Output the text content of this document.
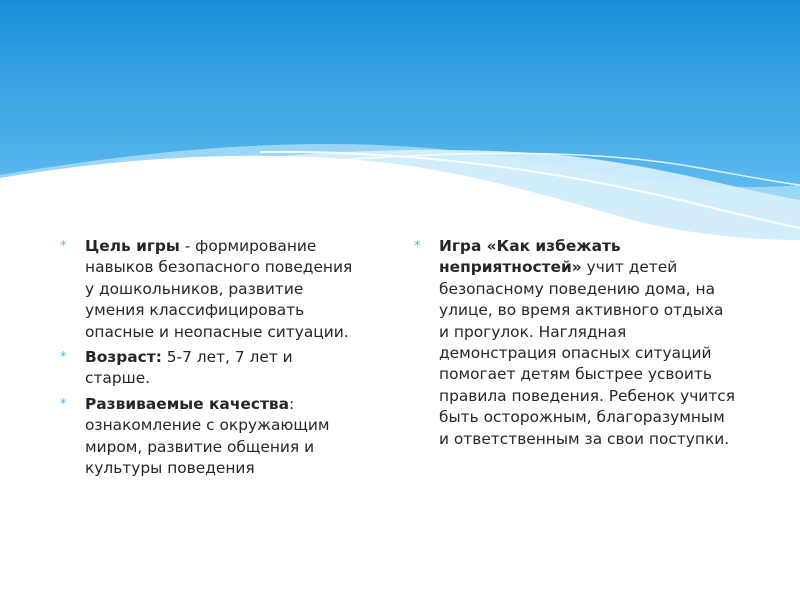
* Цель игры - формирование навыков безопасного поведения у дошкольников, развитие умения классифицировать опасные и неопасные ситуации.

* Возраст: 5-7 лет, 7 лет и старше.

* Развиваемые качества: ознакомление с окружающим миром, развитие общения и культуры поведения

* Игра «Как избежать неприятностей» учит детей безопасному поведению дома, на улице, во время активного отдыха и прогулок. Наглядная демонстрация опасных ситуаций помогает детям быстрее усвоить правила поведения. Ребенок учится быть осторожным, благоразумным и ответственным за свои поступки.
